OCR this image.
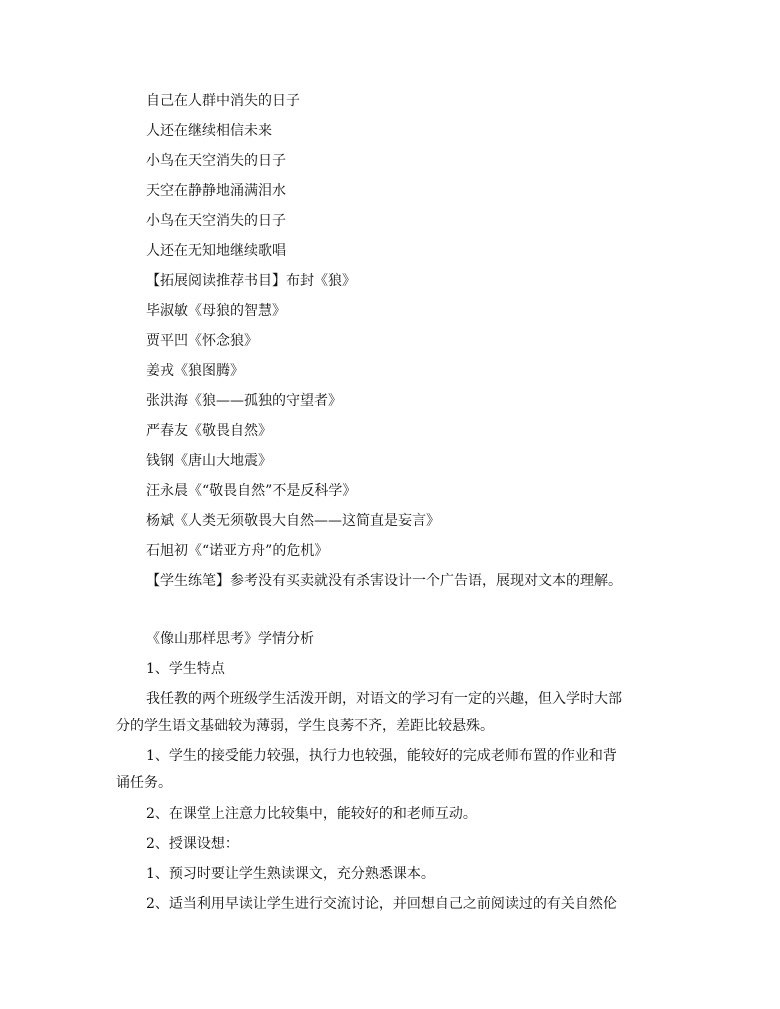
自己在人群中消失的日子
人还在继续相信未来
小鸟在天空消失的日子
天空在静静地涌满泪水
小鸟在天空消失的日子
人还在无知地继续歌唱
【拓展阅读推荐书目】布封《狼》
毕淑敏《母狼的智慧》
贾平凹《怀念狼》
姜戎《狼图腾》
张洪海《狼——孤独的守望者》
严春友《敬畏自然》
钱钢《唐山大地震》
汪永晨《“敬畏自然”不是反科学》
杨斌《人类无须敬畏大自然——这简直是妄言》
石旭初《“诺亚方舟”的危机》
【学生练笔】参考没有买卖就没有杀害设计一个广告语，展现对文本的理解。
《像山那样思考》学情分析
1、学生特点
我任教的两个班级学生活泼开朗，对语文的学习有一定的兴趣，但入学时大部
分的学生语文基础较为薄弱，学生良莠不齐，差距比较悬殊。
1、学生的接受能力较强，执行力也较强，能较好的完成老师布置的作业和背
诵任务。
2、在课堂上注意力比较集中，能较好的和老师互动。
2、授课设想：
1、预习时要让学生熟读课文，充分熟悉课本。
2、适当利用早读让学生进行交流讨论，并回想自己之前阅读过的有关自然伦
